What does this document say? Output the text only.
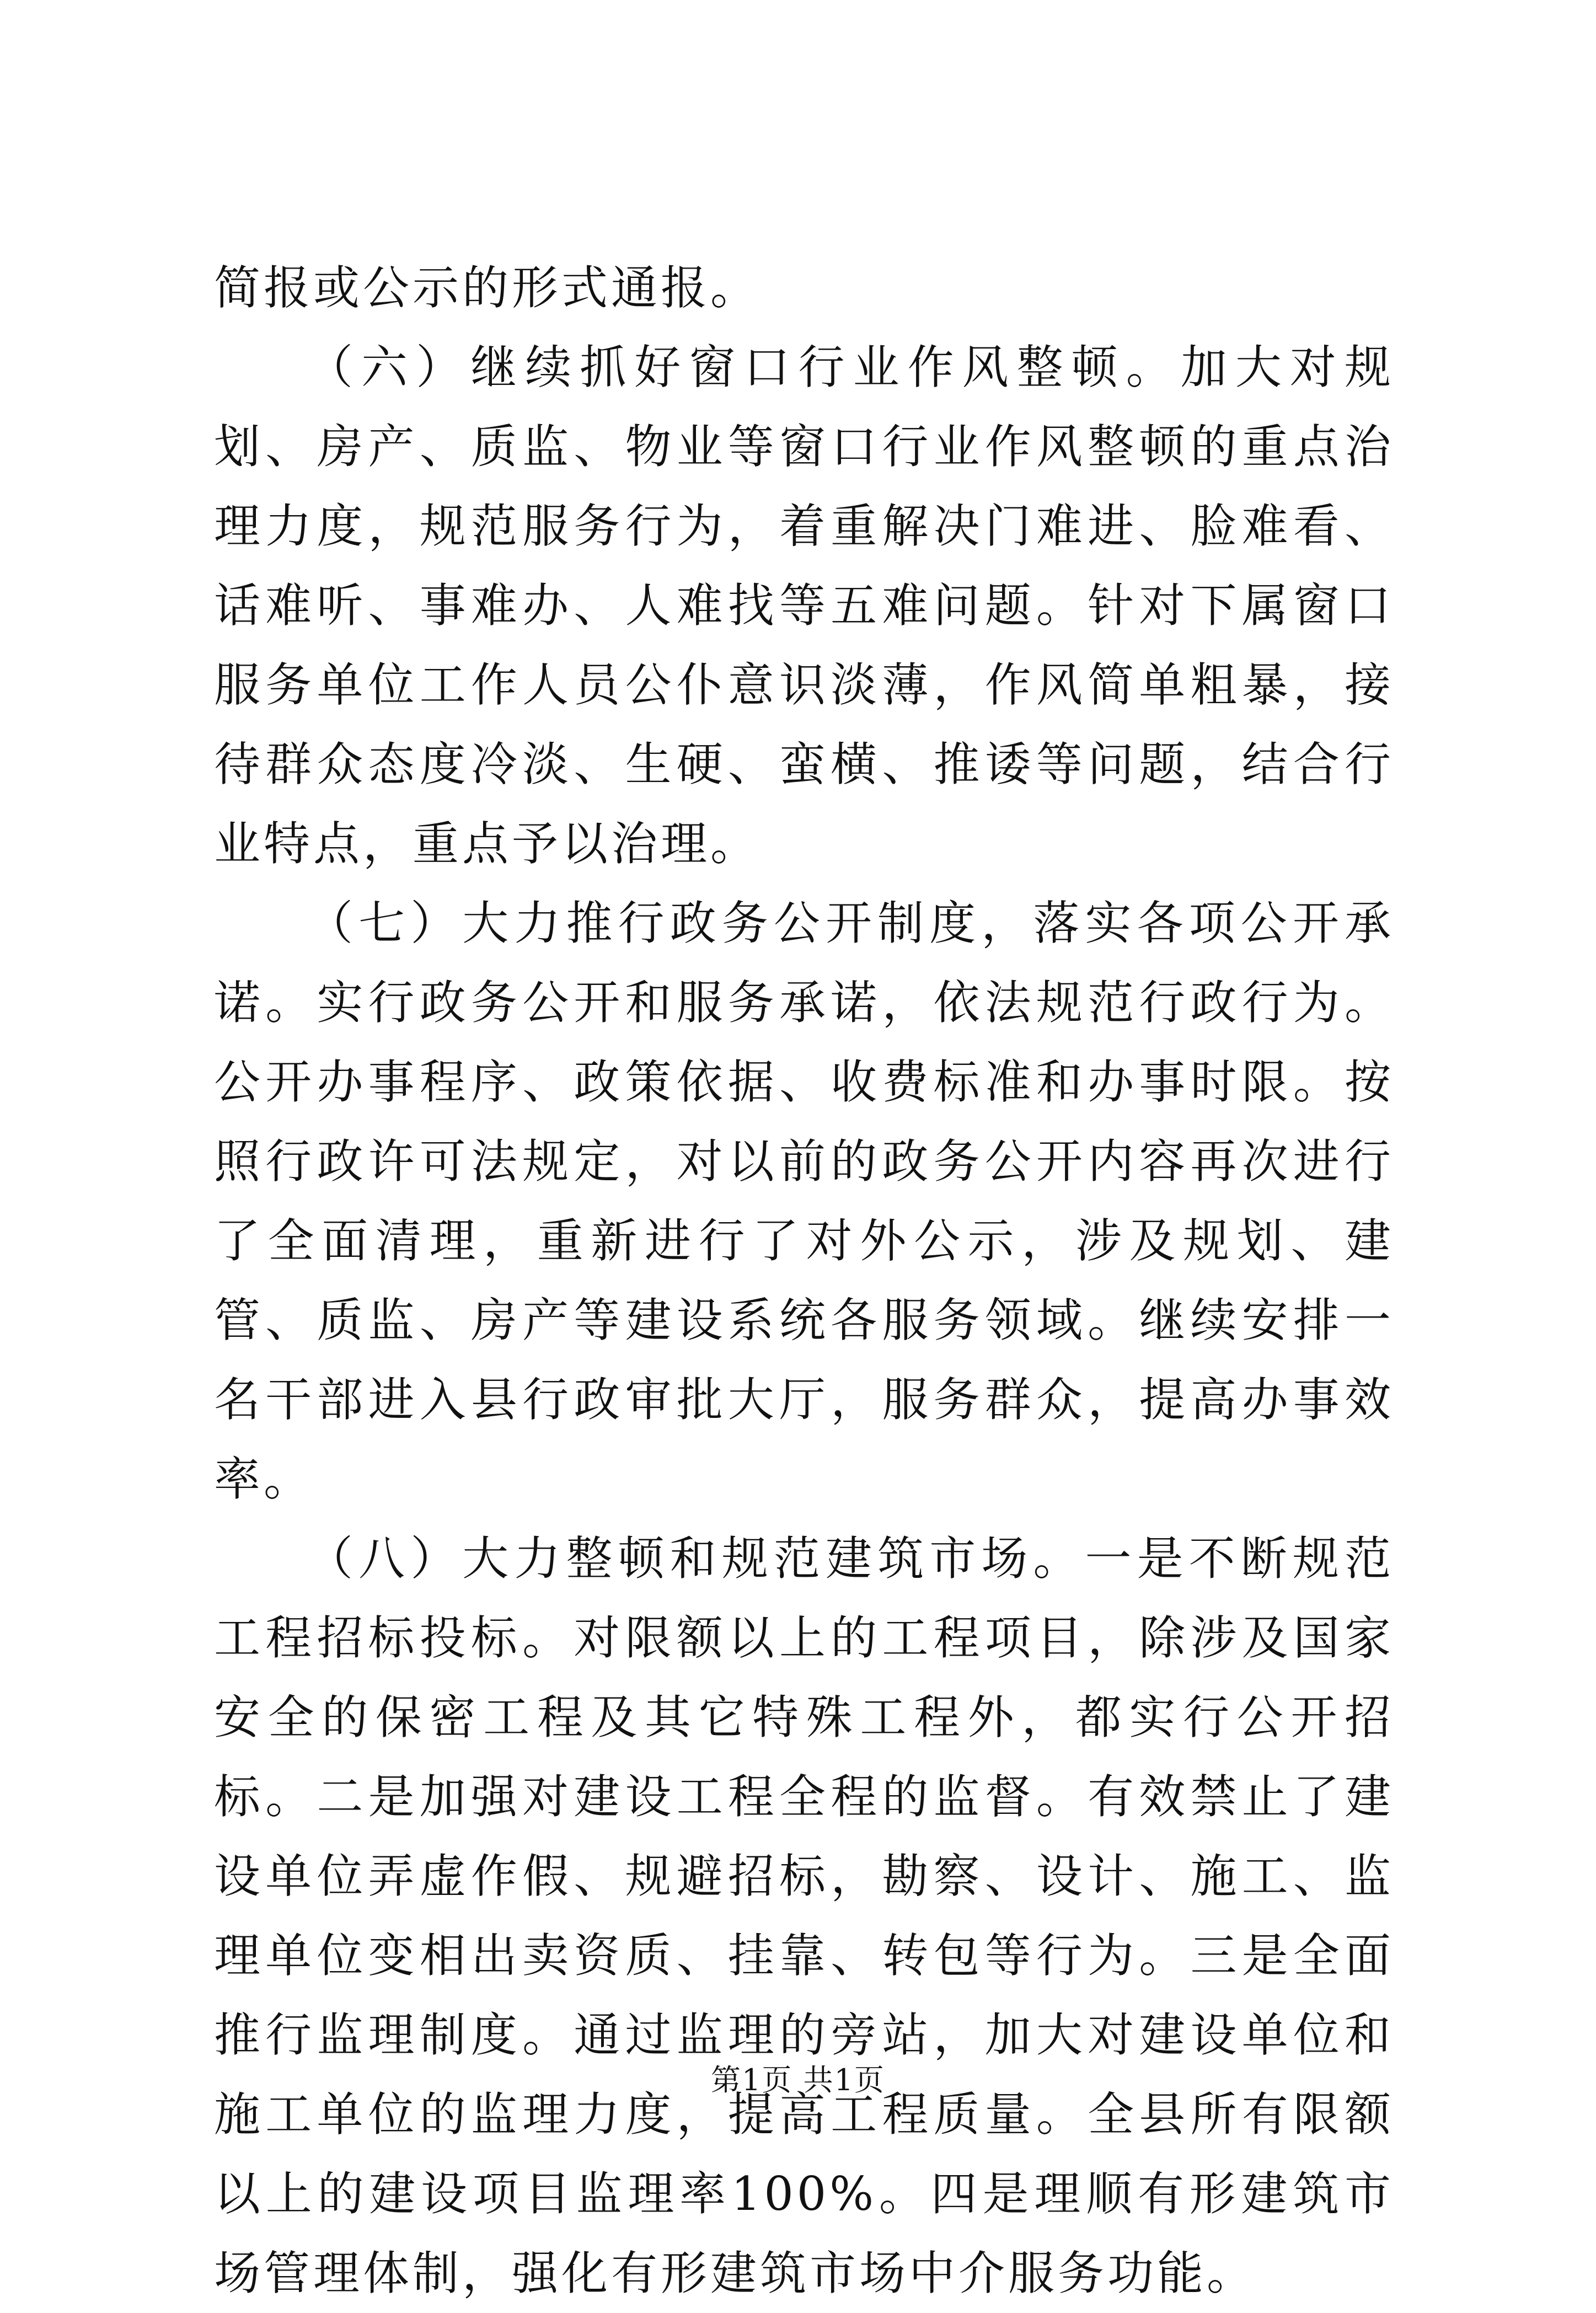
简报或公示的形式通报。

（六）继续抓好窗口行业作风整顿。加大对规划、房产、质监、物业等窗口行业作风整顿的重点治理力度，规范服务行为，着重解决门难进、脸难看、话难听、事难办、人难找等五难问题。针对下属窗口服务单位工作人员公仆意识淡薄，作风简单粗暴，接待群众态度冷淡、生硬、蛮横、推诿等问题，结合行业特点，重点予以治理。

（七）大力推行政务公开制度，落实各项公开承诺。实行政务公开和服务承诺，依法规范行政行为。公开办事程序、政策依据、收费标准和办事时限。按照行政许可法规定，对以前的政务公开内容再次进行了全面清理，重新进行了对外公示，涉及规划、建管、质监、房产等建设系统各服务领域。继续安排一名干部进入县行政审批大厅，服务群众，提高办事效率。

（八）大力整顿和规范建筑市场。一是不断规范工程招标投标。对限额以上的工程项目，除涉及国家安全的保密工程及其它特殊工程外，都实行公开招标。二是加强对建设工程全程的监督。有效禁止了建设单位弄虚作假、规避招标，勘察、设计、施工、监理单位变相出卖资质、挂靠、转包等行为。三是全面推行监理制度。通过监理的旁站，加大对建设单位和施工单位的监理力度，提高工程质量。全县所有限额以上的建设项目监理率100%。四是理顺有形建筑市场管理体制，强化有形建筑市场中介服务功能。

第1页 共1页
